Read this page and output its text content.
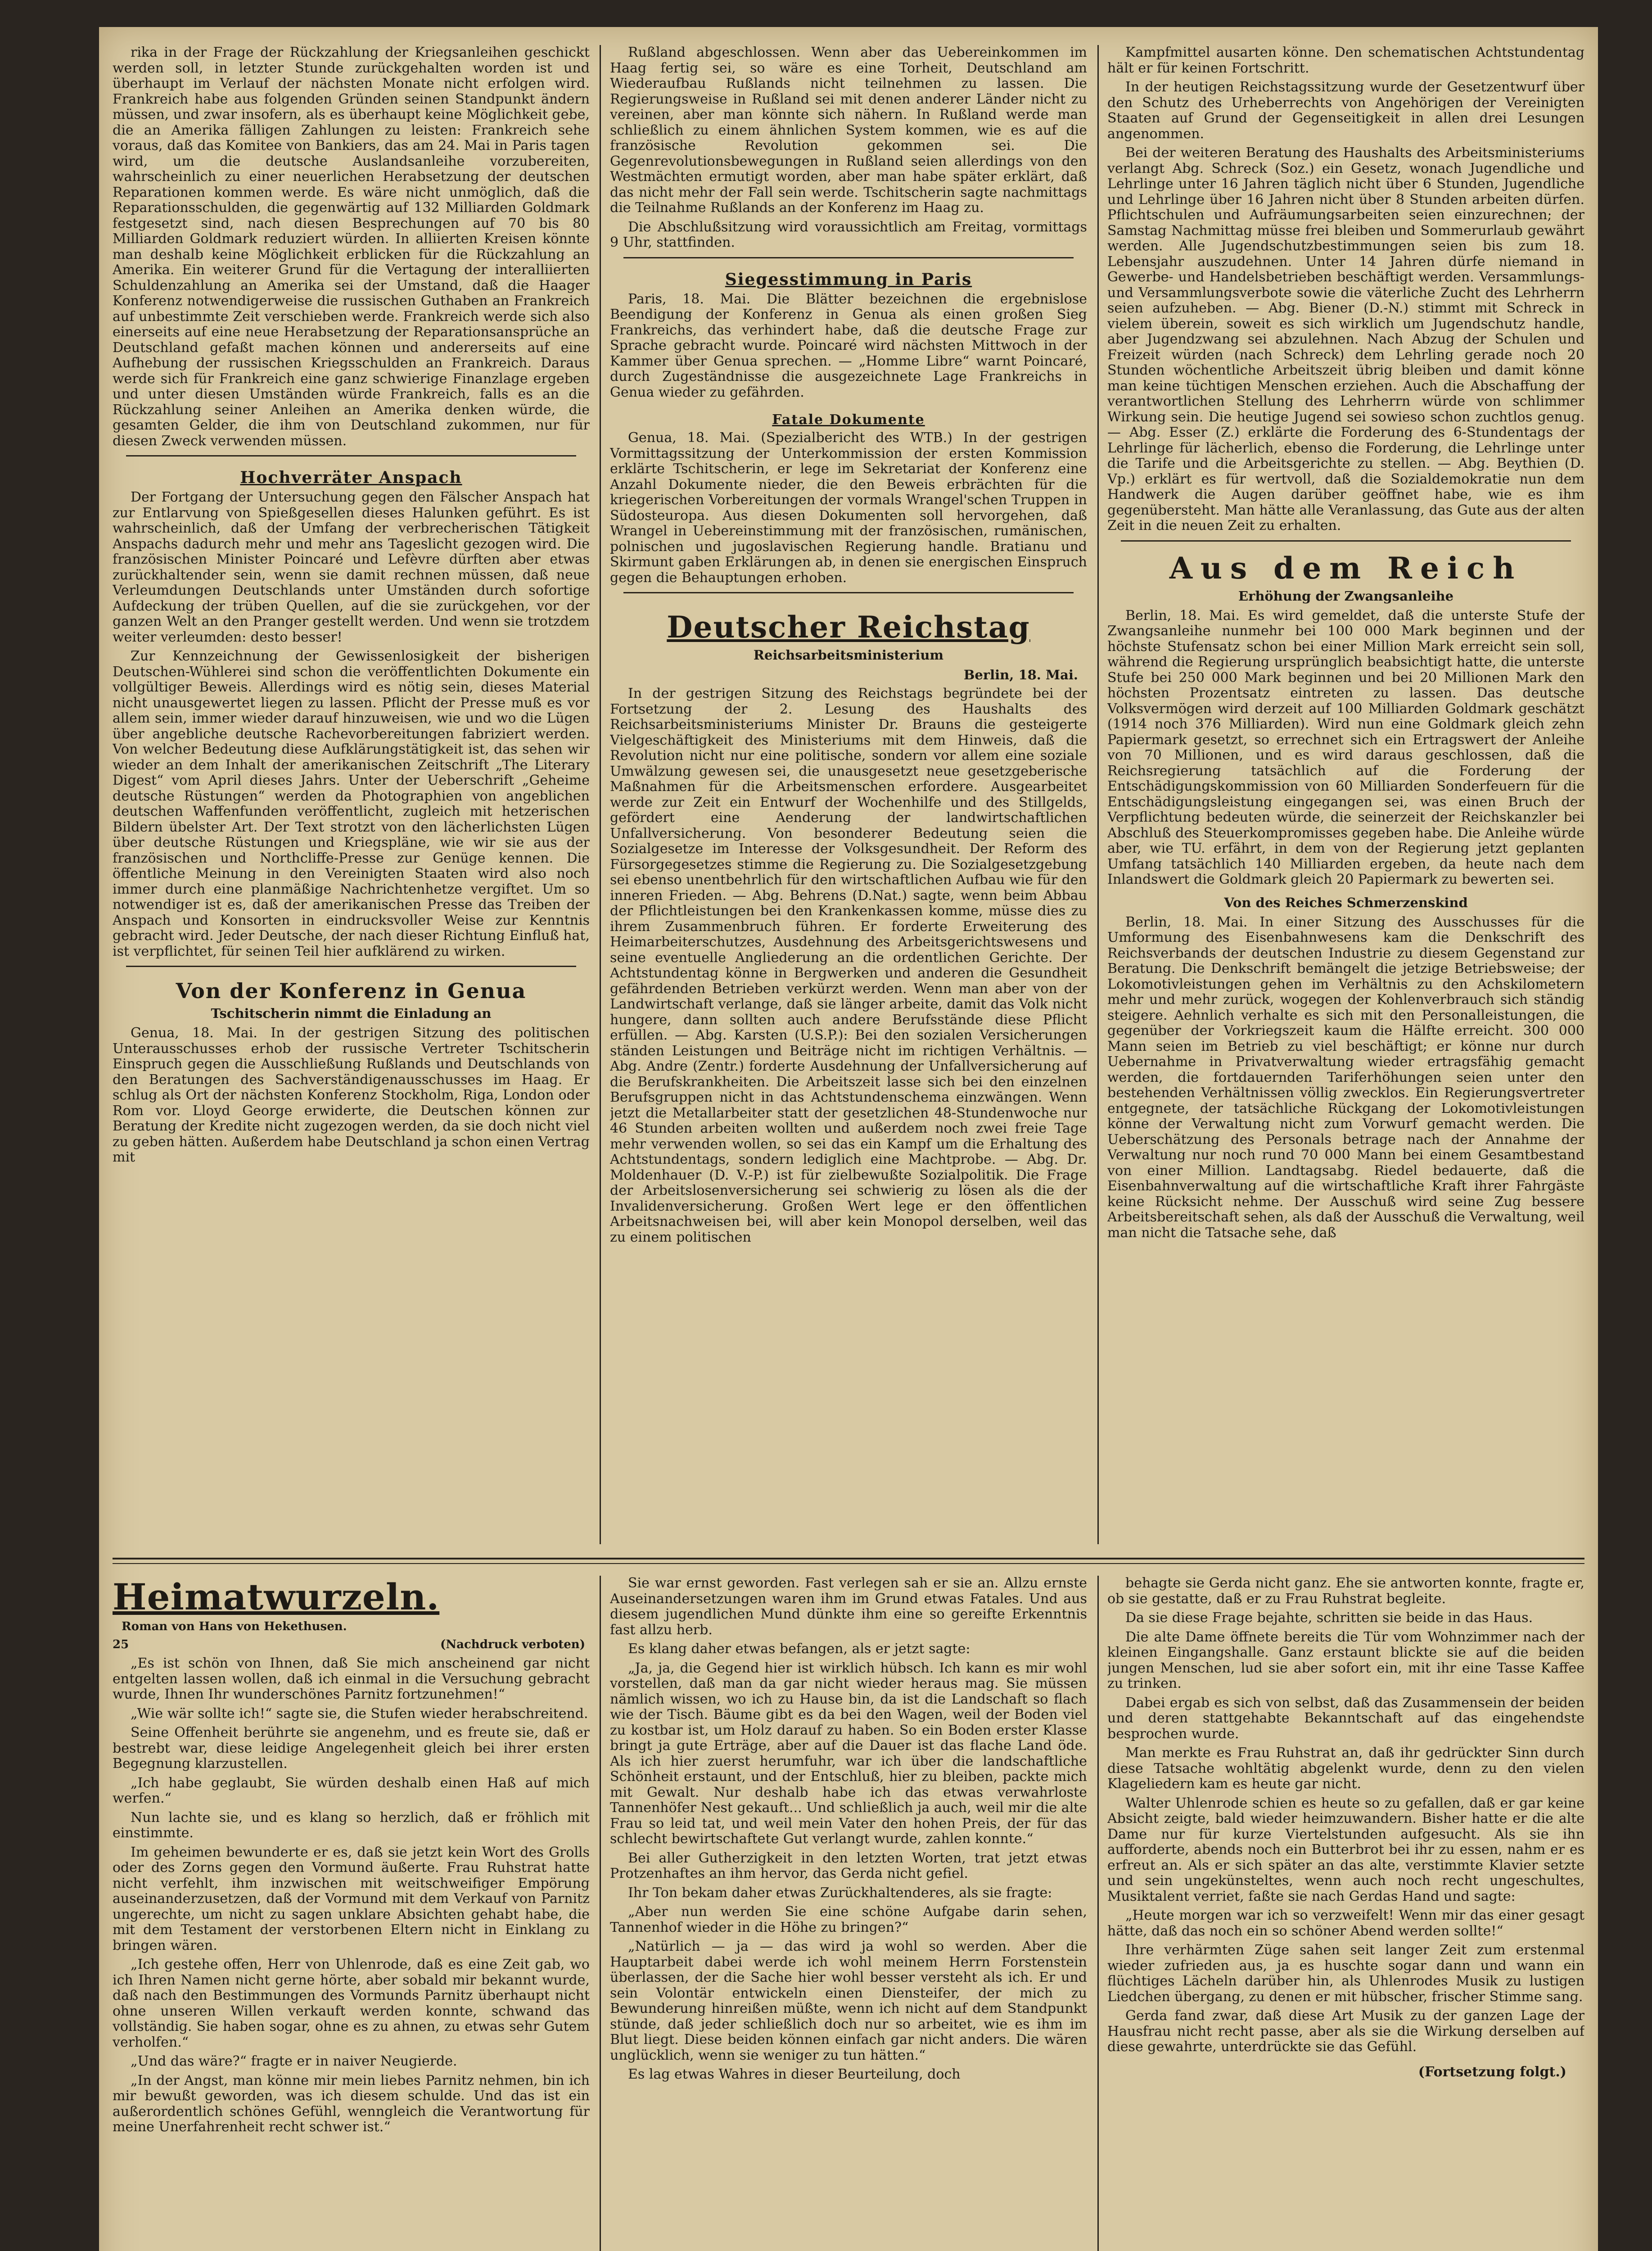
rika in der Frage der Rückzahlung der Kriegsanleihen geschickt werden soll, in letzter Stunde zurückgehalten worden ist und überhaupt im Verlauf der nächsten Monate nicht erfolgen wird. Frankreich habe aus folgenden Gründen seinen Standpunkt ändern müssen, und zwar insofern, als es überhaupt keine Möglichkeit gebe, die an Amerika fälligen Zahlungen zu leisten: Frankreich sehe voraus, daß das Komitee von Bankiers, das am 24. Mai in Paris tagen wird, um die deutsche Auslandsanleihe vorzubereiten, wahrscheinlich zu einer neuerlichen Herabsetzung der deutschen Reparationen kommen werde. Es wäre nicht unmöglich, daß die Reparationsschulden, die gegenwärtig auf 132 Milliarden Goldmark festgesetzt sind, nach diesen Besprechungen auf 70 bis 80 Milliarden Goldmark reduziert würden. In alliierten Kreisen könnte man deshalb keine Möglichkeit erblicken für die Rückzahlung an Amerika. Ein weiterer Grund für die Vertagung der interalliierten Schuldenzahlung an Amerika sei der Umstand, daß die Haager Konferenz notwendigerweise die russischen Guthaben an Frankreich auf unbestimmte Zeit verschieben werde. Frankreich werde sich also einerseits auf eine neue Herabsetzung der Reparationsansprüche an Deutschland gefaßt machen können und andererseits auf eine Aufhebung der russischen Kriegsschulden an Frankreich. Daraus werde sich für Frankreich eine ganz schwierige Finanzlage ergeben und unter diesen Umständen würde Frankreich, falls es an die Rückzahlung seiner Anleihen an Amerika denken würde, die gesamten Gelder, die ihm von Deutschland zukommen, nur für diesen Zweck verwenden müssen.

Hochverräter Anspach

Der Fortgang der Untersuchung gegen den Fälscher Anspach hat zur Entlarvung von Spießgesellen dieses Halunken geführt. Es ist wahrscheinlich, daß der Umfang der verbrecherischen Tätigkeit Anspachs dadurch mehr und mehr ans Tageslicht gezogen wird. Die französischen Minister Poincaré und Lefèvre dürften aber etwas zurückhaltender sein, wenn sie damit rechnen müssen, daß neue Verleumdungen Deutschlands unter Umständen durch sofortige Aufdeckung der trüben Quellen, auf die sie zurückgehen, vor der ganzen Welt an den Pranger gestellt werden. Und wenn sie trotzdem weiter verleumden: desto besser!

Zur Kennzeichnung der Gewissenlosigkeit der bisherigen Deutschen-Wühlerei sind schon die veröffentlichten Dokumente ein vollgültiger Beweis. Allerdings wird es nötig sein, dieses Material nicht unausgewertet liegen zu lassen. Pflicht der Presse muß es vor allem sein, immer wieder darauf hinzuweisen, wie und wo die Lügen über angebliche deutsche Rachevorbereitungen fabriziert werden. Von welcher Bedeutung diese Aufklärungstätigkeit ist, das sehen wir wieder an dem Inhalt der amerikanischen Zeitschrift „The Literary Digest“ vom April dieses Jahrs. Unter der Ueberschrift „Geheime deutsche Rüstungen“ werden da Photographien von angeblichen deutschen Waffenfunden veröffentlicht, zugleich mit hetzerischen Bildern übelster Art. Der Text strotzt von den lächerlichsten Lügen über deutsche Rüstungen und Kriegspläne, wie wir sie aus der französischen und Northcliffe-Presse zur Genüge kennen. Die öffentliche Meinung in den Vereinigten Staaten wird also noch immer durch eine planmäßige Nachrichtenhetze vergiftet. Um so notwendiger ist es, daß der amerikanischen Presse das Treiben der Anspach und Konsorten in eindrucksvoller Weise zur Kenntnis gebracht wird. Jeder Deutsche, der nach dieser Richtung Einfluß hat, ist verpflichtet, für seinen Teil hier aufklärend zu wirken.

Von der Konferenz in Genua
Tschitscherin nimmt die Einladung an

Genua, 18. Mai. In der gestrigen Sitzung des politischen Unterausschusses erhob der russische Vertreter Tschitscherin Einspruch gegen die Ausschließung Rußlands und Deutschlands von den Beratungen des Sachverständigenausschusses im Haag. Er schlug als Ort der nächsten Konferenz Stockholm, Riga, London oder Rom vor. Lloyd George erwiderte, die Deutschen können zur Beratung der Kredite nicht zugezogen werden, da sie doch nicht viel zu geben hätten. Außerdem habe Deutschland ja schon einen Vertrag mit

Rußland abgeschlossen. Wenn aber das Uebereinkommen im Haag fertig sei, so wäre es eine Torheit, Deutschland am Wiederaufbau Rußlands nicht teilnehmen zu lassen. Die Regierungsweise in Rußland sei mit denen anderer Länder nicht zu vereinen, aber man könnte sich nähern. In Rußland werde man schließlich zu einem ähnlichen System kommen, wie es auf die französische Revolution gekommen sei. Die Gegenrevolutionsbewegungen in Rußland seien allerdings von den Westmächten ermutigt worden, aber man habe später erklärt, daß das nicht mehr der Fall sein werde. Tschitscherin sagte nachmittags die Teilnahme Rußlands an der Konferenz im Haag zu.

Die Abschlußsitzung wird voraussichtlich am Freitag, vormittags 9 Uhr, stattfinden.

Siegesstimmung in Paris

Paris, 18. Mai. Die Blätter bezeichnen die ergebnislose Beendigung der Konferenz in Genua als einen großen Sieg Frankreichs, das verhindert habe, daß die deutsche Frage zur Sprache gebracht wurde. Poincaré wird nächsten Mittwoch in der Kammer über Genua sprechen. — „Homme Libre“ warnt Poincaré, durch Zugeständnisse die ausgezeichnete Lage Frankreichs in Genua wieder zu gefährden.

Fatale Dokumente

Genua, 18. Mai. (Spezialbericht des WTB.) In der gestrigen Vormittagssitzung der Unterkommission der ersten Kommission erklärte Tschitscherin, er lege im Sekretariat der Konferenz eine Anzahl Dokumente nieder, die den Beweis erbrächten für die kriegerischen Vorbereitungen der vormals Wrangel'schen Truppen in Südosteuropa. Aus diesen Dokumenten soll hervorgehen, daß Wrangel in Uebereinstimmung mit der französischen, rumänischen, polnischen und jugoslavischen Regierung handle. Bratianu und Skirmunt gaben Erklärungen ab, in denen sie energischen Einspruch gegen die Behauptungen erhoben.

Deutscher Reichstag
Reichsarbeitsministerium
Berlin, 18. Mai.

In der gestrigen Sitzung des Reichstags begründete bei der Fortsetzung der 2. Lesung des Haushalts des Reichsarbeitsministeriums Minister Dr. Brauns die gesteigerte Vielgeschäftigkeit des Ministeriums mit dem Hinweis, daß die Revolution nicht nur eine politische, sondern vor allem eine soziale Umwälzung gewesen sei, die unausgesetzt neue gesetzgeberische Maßnahmen für die Arbeitsmenschen erfordere. Ausgearbeitet werde zur Zeit ein Entwurf der Wochenhilfe und des Stillgelds, gefördert eine Aenderung der landwirtschaftlichen Unfallversicherung. Von besonderer Bedeutung seien die Sozialgesetze im Interesse der Volksgesundheit. Der Reform des Fürsorgegesetzes stimme die Regierung zu. Die Sozialgesetzgebung sei ebenso unentbehrlich für den wirtschaftlichen Aufbau wie für den inneren Frieden. — Abg. Behrens (D.Nat.) sagte, wenn beim Abbau der Pflichtleistungen bei den Krankenkassen komme, müsse dies zu ihrem Zusammenbruch führen. Er forderte Erweiterung des Heimarbeiterschutzes, Ausdehnung des Arbeitsgerichtswesens und seine eventuelle Angliederung an die ordentlichen Gerichte. Der Achtstundentag könne in Bergwerken und anderen die Gesundheit gefährdenden Betrieben verkürzt werden. Wenn man aber von der Landwirtschaft verlange, daß sie länger arbeite, damit das Volk nicht hungere, dann sollten auch andere Berufsstände diese Pflicht erfüllen. — Abg. Karsten (U.S.P.): Bei den sozialen Versicherungen ständen Leistungen und Beiträge nicht im richtigen Verhältnis. — Abg. Andre (Zentr.) forderte Ausdehnung der Unfallversicherung auf die Berufskrankheiten. Die Arbeitszeit lasse sich bei den einzelnen Berufsgruppen nicht in das Achtstundenschema einzwängen. Wenn jetzt die Metallarbeiter statt der gesetzlichen 48-Stundenwoche nur 46 Stunden arbeiten wollten und außerdem noch zwei freie Tage mehr verwenden wollen, so sei das ein Kampf um die Erhaltung des Achtstundentags, sondern lediglich eine Machtprobe. — Abg. Dr. Moldenhauer (D. V.-P.) ist für zielbewußte Sozialpolitik. Die Frage der Arbeitslosenversicherung sei schwierig zu lösen als die der Invalidenversicherung. Großen Wert lege er den öffentlichen Arbeitsnachweisen bei, will aber kein Monopol derselben, weil das zu einem politischen

Kampfmittel ausarten könne. Den schematischen Achtstundentag hält er für keinen Fortschritt.

In der heutigen Reichstagssitzung wurde der Gesetzentwurf über den Schutz des Urheberrechts von Angehörigen der Vereinigten Staaten auf Grund der Gegenseitigkeit in allen drei Lesungen angenommen.

Bei der weiteren Beratung des Haushalts des Arbeitsministeriums verlangt Abg. Schreck (Soz.) ein Gesetz, wonach Jugendliche und Lehrlinge unter 16 Jahren täglich nicht über 6 Stunden, Jugendliche und Lehrlinge über 16 Jahren nicht über 8 Stunden arbeiten dürfen. Pflichtschulen und Aufräumungsarbeiten seien einzurechnen; der Samstag Nachmittag müsse frei bleiben und Sommerurlaub gewährt werden. Alle Jugendschutzbestimmungen seien bis zum 18. Lebensjahr auszudehnen. Unter 14 Jahren dürfe niemand in Gewerbe- und Handelsbetrieben beschäftigt werden. Versammlungs- und Versammlungsverbote sowie die väterliche Zucht des Lehrherrn seien aufzuheben. — Abg. Biener (D.-N.) stimmt mit Schreck in vielem überein, soweit es sich wirklich um Jugendschutz handle, aber Jugendzwang sei abzulehnen. Nach Abzug der Schulen und Freizeit würden (nach Schreck) dem Lehrling gerade noch 20 Stunden wöchentliche Arbeitszeit übrig bleiben und damit könne man keine tüchtigen Menschen erziehen. Auch die Abschaffung der verantwortlichen Stellung des Lehrherrn würde von schlimmer Wirkung sein. Die heutige Jugend sei sowieso schon zuchtlos genug. — Abg. Esser (Z.) erklärte die Forderung des 6-Stundentags der Lehrlinge für lächerlich, ebenso die Forderung, die Lehrlinge unter die Tarife und die Arbeitsgerichte zu stellen. — Abg. Beythien (D. Vp.) erklärt es für wertvoll, daß die Sozialdemokratie nun dem Handwerk die Augen darüber geöffnet habe, wie es ihm gegenübersteht. Man hätte alle Veranlassung, das Gute aus der alten Zeit in die neuen Zeit zu erhalten.

Aus dem Reich
Erhöhung der Zwangsanleihe

Berlin, 18. Mai. Es wird gemeldet, daß die unterste Stufe der Zwangsanleihe nunmehr bei 100 000 Mark beginnen und der höchste Stufensatz schon bei einer Million Mark erreicht sein soll, während die Regierung ursprünglich beabsichtigt hatte, die unterste Stufe bei 250 000 Mark beginnen und bei 20 Millionen Mark den höchsten Prozentsatz eintreten zu lassen. Das deutsche Volksvermögen wird derzeit auf 100 Milliarden Goldmark geschätzt (1914 noch 376 Milliarden). Wird nun eine Goldmark gleich zehn Papiermark gesetzt, so errechnet sich ein Ertragswert der Anleihe von 70 Millionen, und es wird daraus geschlossen, daß die Reichsregierung tatsächlich auf die Forderung der Entschädigungskommission von 60 Milliarden Sonderfeuern für die Entschädigungsleistung eingegangen sei, was einen Bruch der Verpflichtung bedeuten würde, die seinerzeit der Reichskanzler bei Abschluß des Steuerkompromisses gegeben habe. Die Anleihe würde aber, wie TU. erfährt, in dem von der Regierung jetzt geplanten Umfang tatsächlich 140 Milliarden ergeben, da heute nach dem Inlandswert die Goldmark gleich 20 Papiermark zu bewerten sei.

Von des Reiches Schmerzenskind

Berlin, 18. Mai. In einer Sitzung des Ausschusses für die Umformung des Eisenbahnwesens kam die Denkschrift des Reichsverbands der deutschen Industrie zu diesem Gegenstand zur Beratung. Die Denkschrift bemängelt die jetzige Betriebsweise; der Lokomotivleistungen gehen im Verhältnis zu den Achskilometern mehr und mehr zurück, wogegen der Kohlenverbrauch sich ständig steigere. Aehnlich verhalte es sich mit den Personalleistungen, die gegenüber der Vorkriegszeit kaum die Hälfte erreicht. 300 000 Mann seien im Betrieb zu viel beschäftigt; er könne nur durch Uebernahme in Privatverwaltung wieder ertragsfähig gemacht werden, die fortdauernden Tariferhöhungen seien unter den bestehenden Verhältnissen völlig zwecklos. Ein Regierungsvertreter entgegnete, der tatsächliche Rückgang der Lokomotivleistungen könne der Verwaltung nicht zum Vorwurf gemacht werden. Die Ueberschätzung des Personals betrage nach der Annahme der Verwaltung nur noch rund 70 000 Mann bei einem Gesamtbestand von einer Million. Landtagsabg. Riedel bedauerte, daß die Eisenbahnverwaltung auf die wirtschaftliche Kraft ihrer Fahrgäste keine Rücksicht nehme. Der Ausschuß wird seine Zug bessere Arbeitsbereitschaft sehen, als daß der Ausschuß die Verwaltung, weil man nicht die Tatsache sehe, daß

Heimatwurzeln.
Roman von Hans von Hekethusen.
25	(Nachdruck verboten)

„Es ist schön von Ihnen, daß Sie mich anscheinend gar nicht entgelten lassen wollen, daß ich einmal in die Versuchung gebracht wurde, Ihnen Ihr wunderschönes Parnitz fortzunehmen!“

„Wie wär sollte ich!“ sagte sie, die Stufen wieder herabschreitend.

Seine Offenheit berührte sie angenehm, und es freute sie, daß er bestrebt war, diese leidige Angelegenheit gleich bei ihrer ersten Begegnung klarzustellen.

„Ich habe geglaubt, Sie würden deshalb einen Haß auf mich werfen.“

Nun lachte sie, und es klang so herzlich, daß er fröhlich mit einstimmte.

Im geheimen bewunderte er es, daß sie jetzt kein Wort des Grolls oder des Zorns gegen den Vormund äußerte. Frau Ruhstrat hatte nicht verfehlt, ihm inzwischen mit weitschweifiger Empörung auseinanderzusetzen, daß der Vormund mit dem Verkauf von Parnitz ungerechte, um nicht zu sagen unklare Absichten gehabt habe, die mit dem Testament der verstorbenen Eltern nicht in Einklang zu bringen wären.

„Ich gestehe offen, Herr von Uhlenrode, daß es eine Zeit gab, wo ich Ihren Namen nicht gerne hörte, aber sobald mir bekannt wurde, daß nach den Bestimmungen des Vormunds Parnitz überhaupt nicht ohne unseren Willen verkauft werden konnte, schwand das vollständig. Sie haben sogar, ohne es zu ahnen, zu etwas sehr Gutem verholfen.“

„Und das wäre?“ fragte er in naiver Neugierde.

„In der Angst, man könne mir mein liebes Parnitz nehmen, bin ich mir bewußt geworden, was ich diesem schulde. Und das ist ein außerordentlich schönes Gefühl, wenngleich die Verantwortung für meine Unerfahrenheit recht schwer ist.“

Sie war ernst geworden. Fast verlegen sah er sie an. Allzu ernste Auseinandersetzungen waren ihm im Grund etwas Fatales. Und aus diesem jugendlichen Mund dünkte ihm eine so gereifte Erkenntnis fast allzu herb.

Es klang daher etwas befangen, als er jetzt sagte:

„Ja, ja, die Gegend hier ist wirklich hübsch. Ich kann es mir wohl vorstellen, daß man da gar nicht wieder heraus mag. Sie müssen nämlich wissen, wo ich zu Hause bin, da ist die Landschaft so flach wie der Tisch. Bäume gibt es da bei den Wagen, weil der Boden viel zu kostbar ist, um Holz darauf zu haben. So ein Boden erster Klasse bringt ja gute Erträge, aber auf die Dauer ist das flache Land öde. Als ich hier zuerst herumfuhr, war ich über die landschaftliche Schönheit erstaunt, und der Entschluß, hier zu bleiben, packte mich mit Gewalt. Nur deshalb habe ich das etwas verwahrloste Tannenhöfer Nest gekauft... Und schließlich ja auch, weil mir die alte Frau so leid tat, und weil mein Vater den hohen Preis, der für das schlecht bewirtschaftete Gut verlangt wurde, zahlen konnte.“

Bei aller Gutherzigkeit in den letzten Worten, trat jetzt etwas Protzenhaftes an ihm hervor, das Gerda nicht gefiel.

Ihr Ton bekam daher etwas Zurückhaltenderes, als sie fragte:

„Aber nun werden Sie eine schöne Aufgabe darin sehen, Tannenhof wieder in die Höhe zu bringen?“

„Natürlich — ja — das wird ja wohl so werden. Aber die Hauptarbeit dabei werde ich wohl meinem Herrn Forstenstein überlassen, der die Sache hier wohl besser versteht als ich. Er und sein Volontär entwickeln einen Diensteifer, der mich zu Bewunderung hinreißen müßte, wenn ich nicht auf dem Standpunkt stünde, daß jeder schließlich doch nur so arbeitet, wie es ihm im Blut liegt. Diese beiden können einfach gar nicht anders. Die wären unglücklich, wenn sie weniger zu tun hätten.“

Es lag etwas Wahres in dieser Beurteilung, doch

behagte sie Gerda nicht ganz. Ehe sie antworten konnte, fragte er, ob sie gestatte, daß er zu Frau Ruhstrat begleite.

Da sie diese Frage bejahte, schritten sie beide in das Haus.

Die alte Dame öffnete bereits die Tür vom Wohnzimmer nach der kleinen Eingangshalle. Ganz erstaunt blickte sie auf die beiden jungen Menschen, lud sie aber sofort ein, mit ihr eine Tasse Kaffee zu trinken.

Dabei ergab es sich von selbst, daß das Zusammensein der beiden und deren stattgehabte Bekanntschaft auf das eingehendste besprochen wurde.

Man merkte es Frau Ruhstrat an, daß ihr gedrückter Sinn durch diese Tatsache wohltätig abgelenkt wurde, denn zu den vielen Klageliedern kam es heute gar nicht.

Walter Uhlenrode schien es heute so zu gefallen, daß er gar keine Absicht zeigte, bald wieder heimzuwandern. Bisher hatte er die alte Dame nur für kurze Viertelstunden aufgesucht. Als sie ihn aufforderte, abends noch ein Butterbrot bei ihr zu essen, nahm er es erfreut an. Als er sich später an das alte, verstimmte Klavier setzte und sein ungekünsteltes, wenn auch noch recht ungeschultes, Musiktalent verriet, faßte sie nach Gerdas Hand und sagte:

„Heute morgen war ich so verzweifelt! Wenn mir das einer gesagt hätte, daß das noch ein so schöner Abend werden sollte!“

Ihre verhärmten Züge sahen seit langer Zeit zum erstenmal wieder zufrieden aus, ja es huschte sogar dann und wann ein flüchtiges Lächeln darüber hin, als Uhlenrodes Musik zu lustigen Liedchen übergang, zu denen er mit hübscher, frischer Stimme sang.

Gerda fand zwar, daß diese Art Musik zu der ganzen Lage der Hausfrau nicht recht passe, aber als sie die Wirkung derselben auf diese gewahrte, unterdrückte sie das Gefühl.

(Fortsetzung folgt.)
